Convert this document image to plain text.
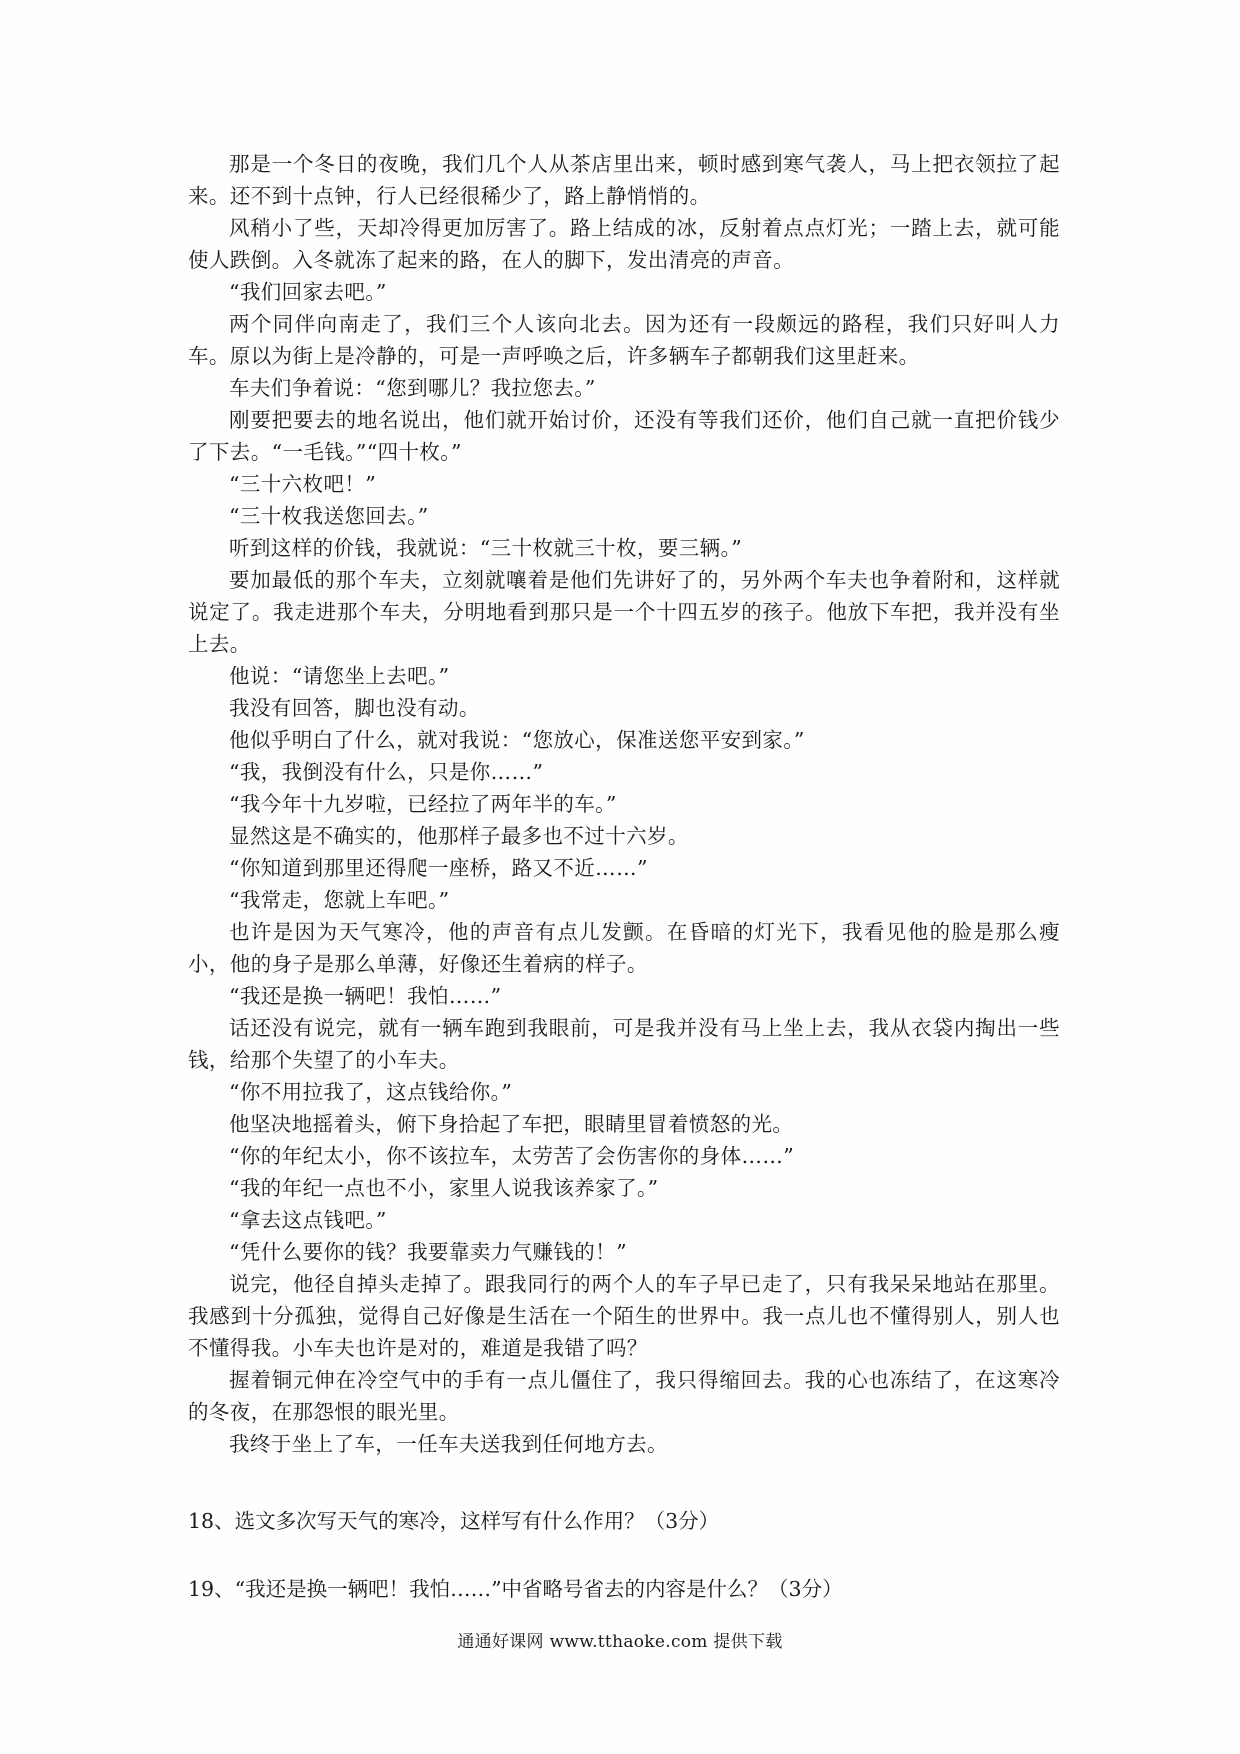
那是一个冬日的夜晚，我们几个人从茶店里出来，顿时感到寒气袭人，马上把衣领拉了起来。还不到十点钟，行人已经很稀少了，路上静悄悄的。

风稍小了些，天却冷得更加厉害了。路上结成的冰，反射着点点灯光；一踏上去，就可能使人跌倒。入冬就冻了起来的路，在人的脚下，发出清亮的声音。

“我们回家去吧。”

两个同伴向南走了，我们三个人该向北去。因为还有一段颇远的路程，我们只好叫人力车。原以为街上是冷静的，可是一声呼唤之后，许多辆车子都朝我们这里赶来。

车夫们争着说：“您到哪儿？我拉您去。”

刚要把要去的地名说出，他们就开始讨价，还没有等我们还价，他们自己就一直把价钱少了下去。“一毛钱。”“四十枚。”

“三十六枚吧！”

“三十枚我送您回去。”

听到这样的价钱，我就说：“三十枚就三十枚，要三辆。”

要加最低的那个车夫，立刻就嚷着是他们先讲好了的，另外两个车夫也争着附和，这样就说定了。我走进那个车夫，分明地看到那只是一个十四五岁的孩子。他放下车把，我并没有坐上去。

他说：“请您坐上去吧。”

我没有回答，脚也没有动。

他似乎明白了什么，就对我说：“您放心，保准送您平安到家。”

“我，我倒没有什么，只是你……”

“我今年十九岁啦，已经拉了两年半的车。”

显然这是不确实的，他那样子最多也不过十六岁。

“你知道到那里还得爬一座桥，路又不近……”

“我常走，您就上车吧。”

也许是因为天气寒冷，他的声音有点儿发颤。在昏暗的灯光下，我看见他的脸是那么瘦小，他的身子是那么单薄，好像还生着病的样子。

“我还是换一辆吧！我怕……”

话还没有说完，就有一辆车跑到我眼前，可是我并没有马上坐上去，我从衣袋内掏出一些钱，给那个失望了的小车夫。

“你不用拉我了，这点钱给你。”

他坚决地摇着头，俯下身拾起了车把，眼睛里冒着愤怒的光。

“你的年纪太小，你不该拉车，太劳苦了会伤害你的身体……”

“我的年纪一点也不小，家里人说我该养家了。”

“拿去这点钱吧。”

“凭什么要你的钱？我要靠卖力气赚钱的！”

说完，他径自掉头走掉了。跟我同行的两个人的车子早已走了，只有我呆呆地站在那里。我感到十分孤独，觉得自己好像是生活在一个陌生的世界中。我一点儿也不懂得别人，别人也不懂得我。小车夫也许是对的，难道是我错了吗？

握着铜元伸在冷空气中的手有一点儿僵住了，我只得缩回去。我的心也冻结了，在这寒冷的冬夜，在那怨恨的眼光里。

我终于坐上了车，一任车夫送我到任何地方去。

18、选文多次写天气的寒冷，这样写有什么作用？（3分）

19、“我还是换一辆吧！我怕……”中省略号省去的内容是什么？（3分）

通通好课网 www.tthaoke.com 提供下载
